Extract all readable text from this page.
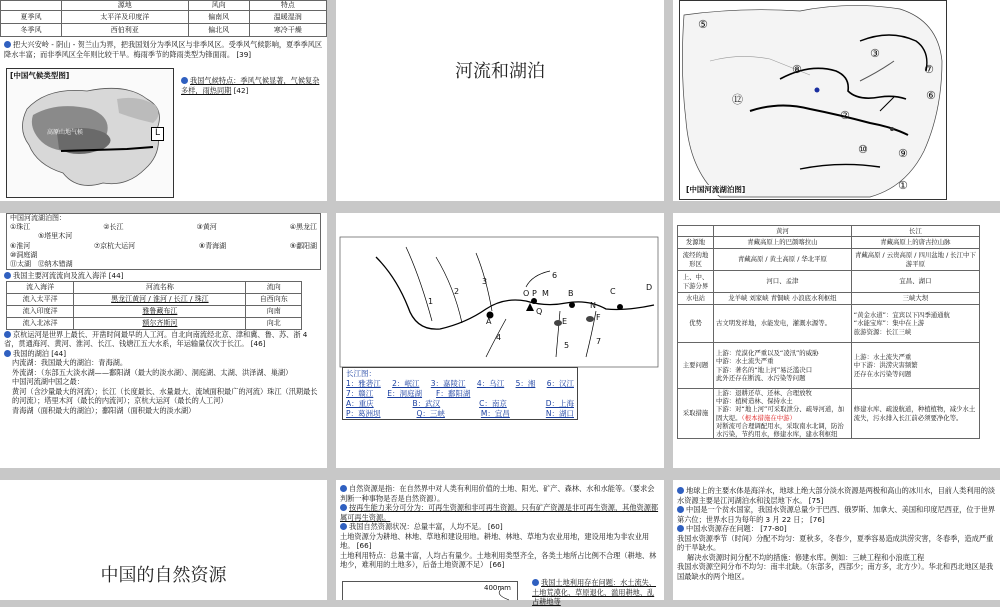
	源地	风向	特点
夏季风	太平洋及印度洋	偏南风	温暖湿润
冬季风	西伯利亚	偏北风	寒冷干燥
把大兴安岭 - 阴山 - 贺兰山为界，把我国划分为季风区与非季风区。受季风气候影响，夏季季风区降水丰富；而非季风区全年则比较干旱。梅雨季节的降雨类型为锋面雨。 [39]
[中国气候类型图]
高原山地气候	L
我国气候特点：季风气候显著，气候复杂多样，雨热同期 [42]
河流和湖泊
⑤
③
⑦
⑧
⑥
⑫
②
⑩	⑨
①
[中国河流湖泊图]
中国河流湖泊图：
①珠江	②长江	③黄河	④黑龙江
⑤塔里木河
⑥淮河	⑦京杭大运河	⑧青海湖	⑨鄱阳湖
⑩洞庭湖
⑪太湖 ⑫纳木错湖
我国主要河流流向及流入海洋 [44]
流入海洋	河流名称	流向
流入太平洋	黑龙江黄河 / 淮河 / 长江 / 珠江	自西向东
流入印度洋	雅鲁藏布江	向南
流入北冰洋	额尔齐斯河	向北
京杭运河是世界上最长、开凿时间最早的人工河。自北向南流经北京、津和冀、鲁、苏、浙 4 省，贯通海河、黄河、淮河、长江、钱塘江五大水系，年运输量仅次于长江。 [46]
我国的湖泊 [44]
内流湖：我国最大的湖泊：青海湖。
外流湖：（东部五大淡水湖——鄱阳湖（最大的淡水湖）、洞庭湖、太湖、洪泽湖、巢湖）
中国河流湖中国之最：
黄河（含沙量最大的河流）；长江（长度最长、水量最大、流域面积最广的河流）珠江（汛期最长的河流）；塔里木河（最长的内流河）；京杭大运河（最长的人工河）
青海湖（面积最大的湖泊）；鄱阳湖（面积最大的淡水湖）
A
O P M
Q
B
N
C	D
E	F
1
2
3
4
5
6
7
长江图：
1：雅砻江 2：岷江 3：嘉陵江 4：乌江 5：湘 6：汉江
7：赣江 E：洞庭湖 F：鄱阳湖
A：重庆	B：武汉	C：南京	D：上海
P：葛洲坝	Q：三峡	M：宜昌	N：湖口
	黄河	长江
发源地	青藏高原上的巴颜喀拉山	青藏高原上的唐古拉山脉
流经的地形区	青藏高原 / 黄土高原 / 华北平原	青藏高原 / 云贵高原 / 四川盆地 / 长江中下游平原
上、中、下游分界	河口、孟津	宜昌、湖口
水电站	龙羊峡 刘家峡 青铜峡 小浪底水利枢纽	三峡大坝
优势	古文明发祥地，水能发电，灌溉水源等。	“黄金水道”：宜宾以下四季通通航
“水能宝库”：集中在上游
旅游资源：长江三峡
主要问题	上游：荒漠化严重以及“凌汛”的威胁
中游：水土流失严重
下游：著名的“地上河”易泛滥决口
此外还存在断流、水污染等问题	上游：水土流失严重
中下游：洪涝灾害频繁
还存在水污染等问题
采取措施	上游：退耕还草、还林、合理放牧
中游：植树造林、保持水土
下游：对“地上河”可采取泄分、疏导河道，加固大堤。（根本措施在中游）
对断流可合理调配用水，采取南水北调，防治水污染，节约用水，修建水库，建水利枢纽	修建水库、疏浚航道，种植植物，减少水土流失，污水排入长江前必须要净化等。
中国的自然资源
自然资源是指：在自然界中对人类有利用价值的土地、阳光、矿产、森林、水和水能等。（要求会判断一种事物是否是自然资源）。
按再生能力来分可分为：可再生资源和非可再生资源。只有矿产资源是非可再生资源，其他资源都属可再生资源。
我国自然资源状况：总量丰富，人均不足。 [60]
土地资源分为耕地、林地、草地和建设用地。耕地、林地、草地为农业用地，建设用地为非农业用地。 [66]
土地利用特点：总量丰富，人均占有量少。土地利用类型齐全，各类土地所占比例不合理（耕地、林地少，难利用的土地多），后备土地资源不足） [66]
400mm
我国土地利用存在问题：水土流失、土地荒漠化、草原退化、滥用耕地、乱占耕地等
地球上的主要水体是海洋水，地球上绝大部分淡水资源是两极和高山的冰川水，目前人类利用的淡水资源主要是江河湖泊水和浅层地下水。 [75]
中国是一个贫水国家，我国水资源总量少于巴西、俄罗斯、加拿大、美国和印度尼西亚，位于世界第六位；世界水日为每年的 3 月 22 日； [76]
中国水资源存在问题： [77-80]
我国水资源季节（时间）分配不均匀：夏秋多，冬春少，夏季容易造成洪涝灾害，冬春季，造成严重的干旱缺水。
解决水资源时间分配不均的措施：修建水库。例如：三峡工程和小浪底工程
我国水资源空间分布不均匀：南丰北缺。（东部多，西部少；南方多，北方少）。华北和西北地区是我国最缺水的两个地区。
